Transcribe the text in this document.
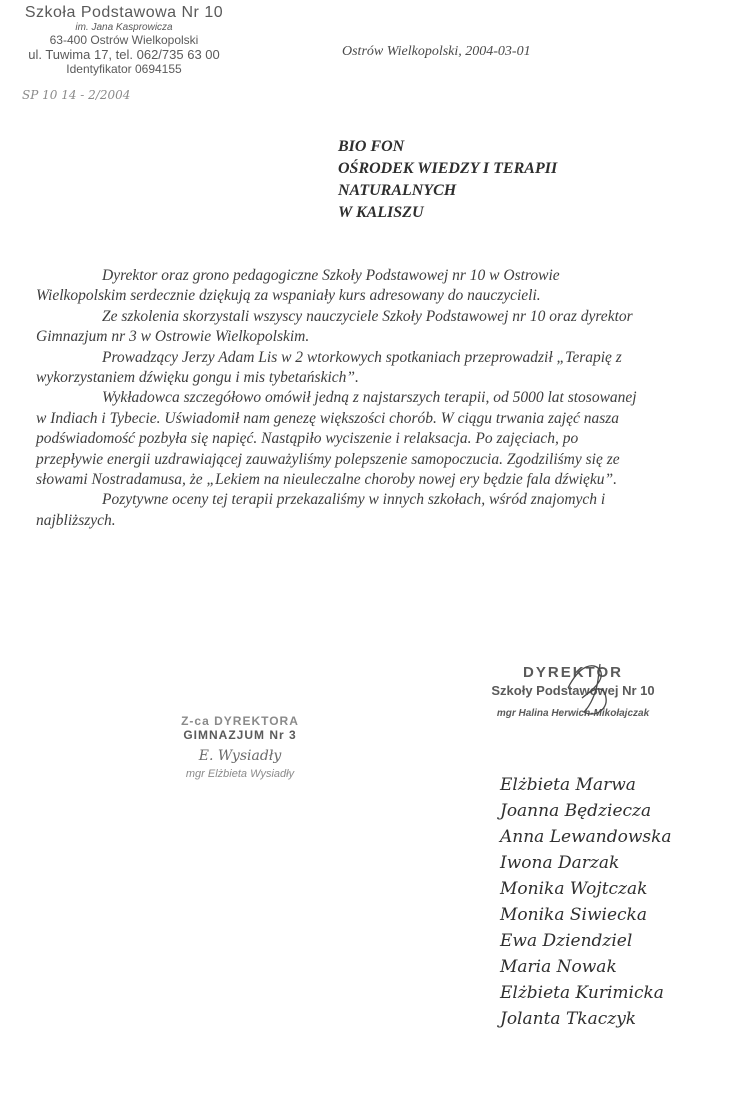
Szkoła Podstawowa Nr 10
im. Jana Kasprowicza
63-400 Ostrów Wielkopolski
ul. Tuwima 17, tel. 062/735 63 00
Identyfikator 0694155
SP 10 14 - 2/2004
Ostrów Wielkopolski, 2004-03-01
BIO FON
OŚRODEK WIEDZY I TERAPII
NATURALNYCH
W KALISZU

Dyrektor oraz grono pedagogiczne Szkoły Podstawowej nr 10 w Ostrowie Wielkopolskim serdecznie dziękują za wspaniały kurs adresowany do nauczycieli.

Ze szkolenia skorzystali wszyscy nauczyciele Szkoły Podstawowej nr 10 oraz dyrektor Gimnazjum nr 3 w Ostrowie Wielkopolskim.

Prowadzący Jerzy Adam Lis w 2 wtorkowych spotkaniach przeprowadził „Terapię z wykorzystaniem dźwięku gongu i mis tybetańskich”.

Wykładowca szczegółowo omówił jedną z najstarszych terapii, od 5000 lat stosowanej w Indiach i Tybecie. Uświadomił nam genezę większości chorób. W ciągu trwania zajęć nasza podświadomość pozbyła się napięć. Nastąpiło wyciszenie i relaksacja. Po zajęciach, po przepływie energii uzdrawiającej zauważyliśmy polepszenie samopoczucia. Zgodziliśmy się ze słowami Nostradamusa, że „Lekiem na nieuleczalne choroby nowej ery będzie fala dźwięku”.

Pozytywne oceny tej terapii przekazaliśmy w innych szkołach, wśród znajomych i najbliższych.

DYREKTOR
Szkoły Podstawowej Nr 10
mgr Halina Herwich-Mikołajczak
Z-ca DYREKTORA
GIMNAZJUM Nr 3
E. Wysiadły
mgr Elżbieta Wysiadły
Elżbieta Marwa
Joanna Będziecza
Anna Lewandowska
Iwona Darzak
Monika Wojtczak
Monika Siwiecka
Ewa Dziendziel
Maria Nowak
Elżbieta Kurimicka
Jolanta Tkaczyk
